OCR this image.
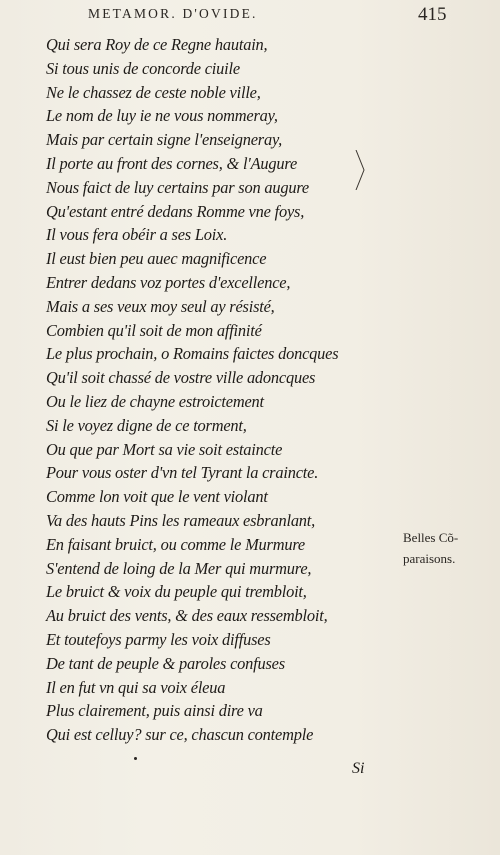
METAMOR. D'OVIDE.	415
Qui sera Roy de ce Regne hautain,
Si tous unis de concorde ciuile
Ne le chassez de ceste noble ville,
Le nom de luy ie ne vous nommeray,
Mais par certain signe l'enseigneray,
Il porte au front des cornes, & l'Augure
Nous faict de luy certains par son augure
Qu'estant entré dedans Romme vne foys,
Il vous fera obéir a ses Loix.
Il eust bien peu auec magnificence
Entrer dedans voz portes d'excellence,
Mais a ses veux moy seul ay résisté,
Combien qu'il soit de mon affinité
Le plus prochain, o Romains faictes doncques
Qu'il soit chassé de vostre ville adoncques
Ou le liez de chayne estroictement
Si le voyez digne de ce torment,
Ou que par Mort sa vie soit estaincte
Pour vous oster d'vn tel Tyrant la craincte.
Comme lon voit que le vent violant
Va des hauts Pins les rameaux esbranlant,
En faisant bruict, ou comme le Murmure
S'entend de loing de la Mer qui murmure,
Le bruict & voix du peuple qui trembloit,
Au bruict des vents, & des eaux ressembloit,
Et toutefoys parmy les voix diffuses
De tant de peuple & paroles confuses
Il en fut vn qui sa voix éleua
Plus clairement, puis ainsi dire va
Qui est celluy? sur ce, chascun contemple
Belles Cõ-
paraisons.
Si
